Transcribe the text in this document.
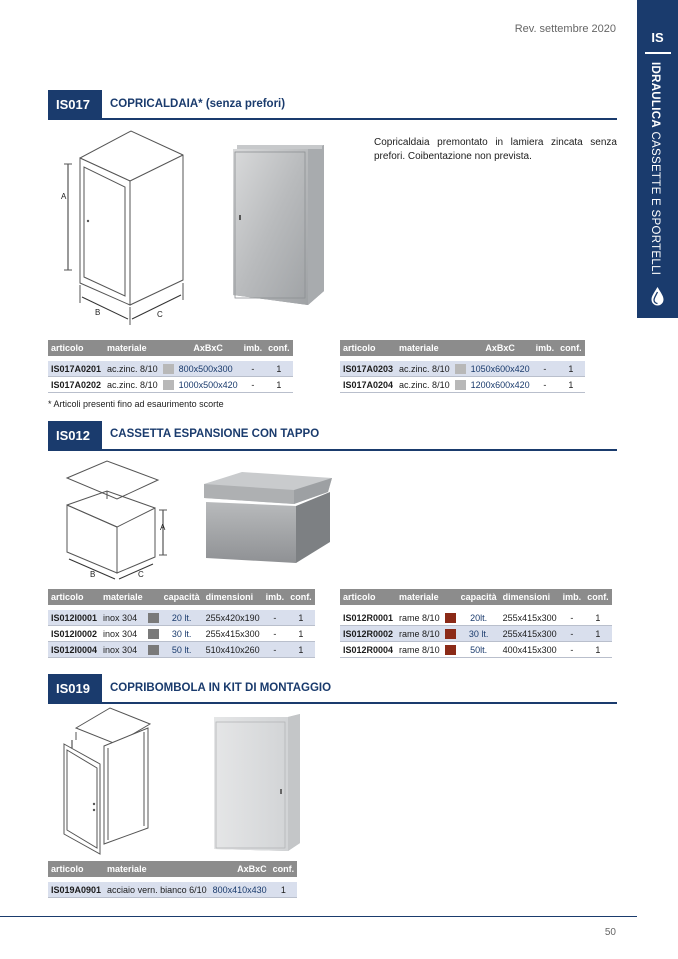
Rev. settembre 2020
IS
IDRAULICA CASSETTE E SPORTELLI
IS017	COPRICALDAIA* (senza prefori)
A
B	C
Copricaldaia premontato in lamiera zincata senza prefori. Coibentazione non prevista.
articolo	materiale		AxBxC	imb.	conf.

IS017A0201	ac.zinc. 8/10		800x500x300	-	1
IS017A0202	ac.zinc. 8/10		1000x500x420	-	1
articolo	materiale		AxBxC	imb.	conf.

IS017A0203	ac.zinc. 8/10		1050x600x420	-	1
IS017A0204	ac.zinc. 8/10		1200x600x420	-	1
* Articoli presenti fino ad esaurimento scorte
IS012	CASSETTA ESPANSIONE CON TAPPO
A
B	C
articolo	materiale		capacità	dimensioni	imb.	conf.

IS012I0001	inox 304		20 lt.	255x420x190	-	1
IS012I0002	inox 304		30 lt.	255x415x300	-	1
IS012I0004	inox 304		50 lt.	510x410x260	-	1
articolo	materiale		capacità	dimensioni	imb.	conf.

IS012R0001	rame 8/10		20lt.	255x415x300	-	1
IS012R0002	rame 8/10		30 lt.	255x415x300	-	1
IS012R0004	rame 8/10		50lt.	400x415x300	-	1
IS019	COPRIBOMBOLA IN KIT DI MONTAGGIO
articolo	materiale	AxBxC	conf.

IS019A0901	acciaio vern. bianco 6/10	800x410x430	1
50
